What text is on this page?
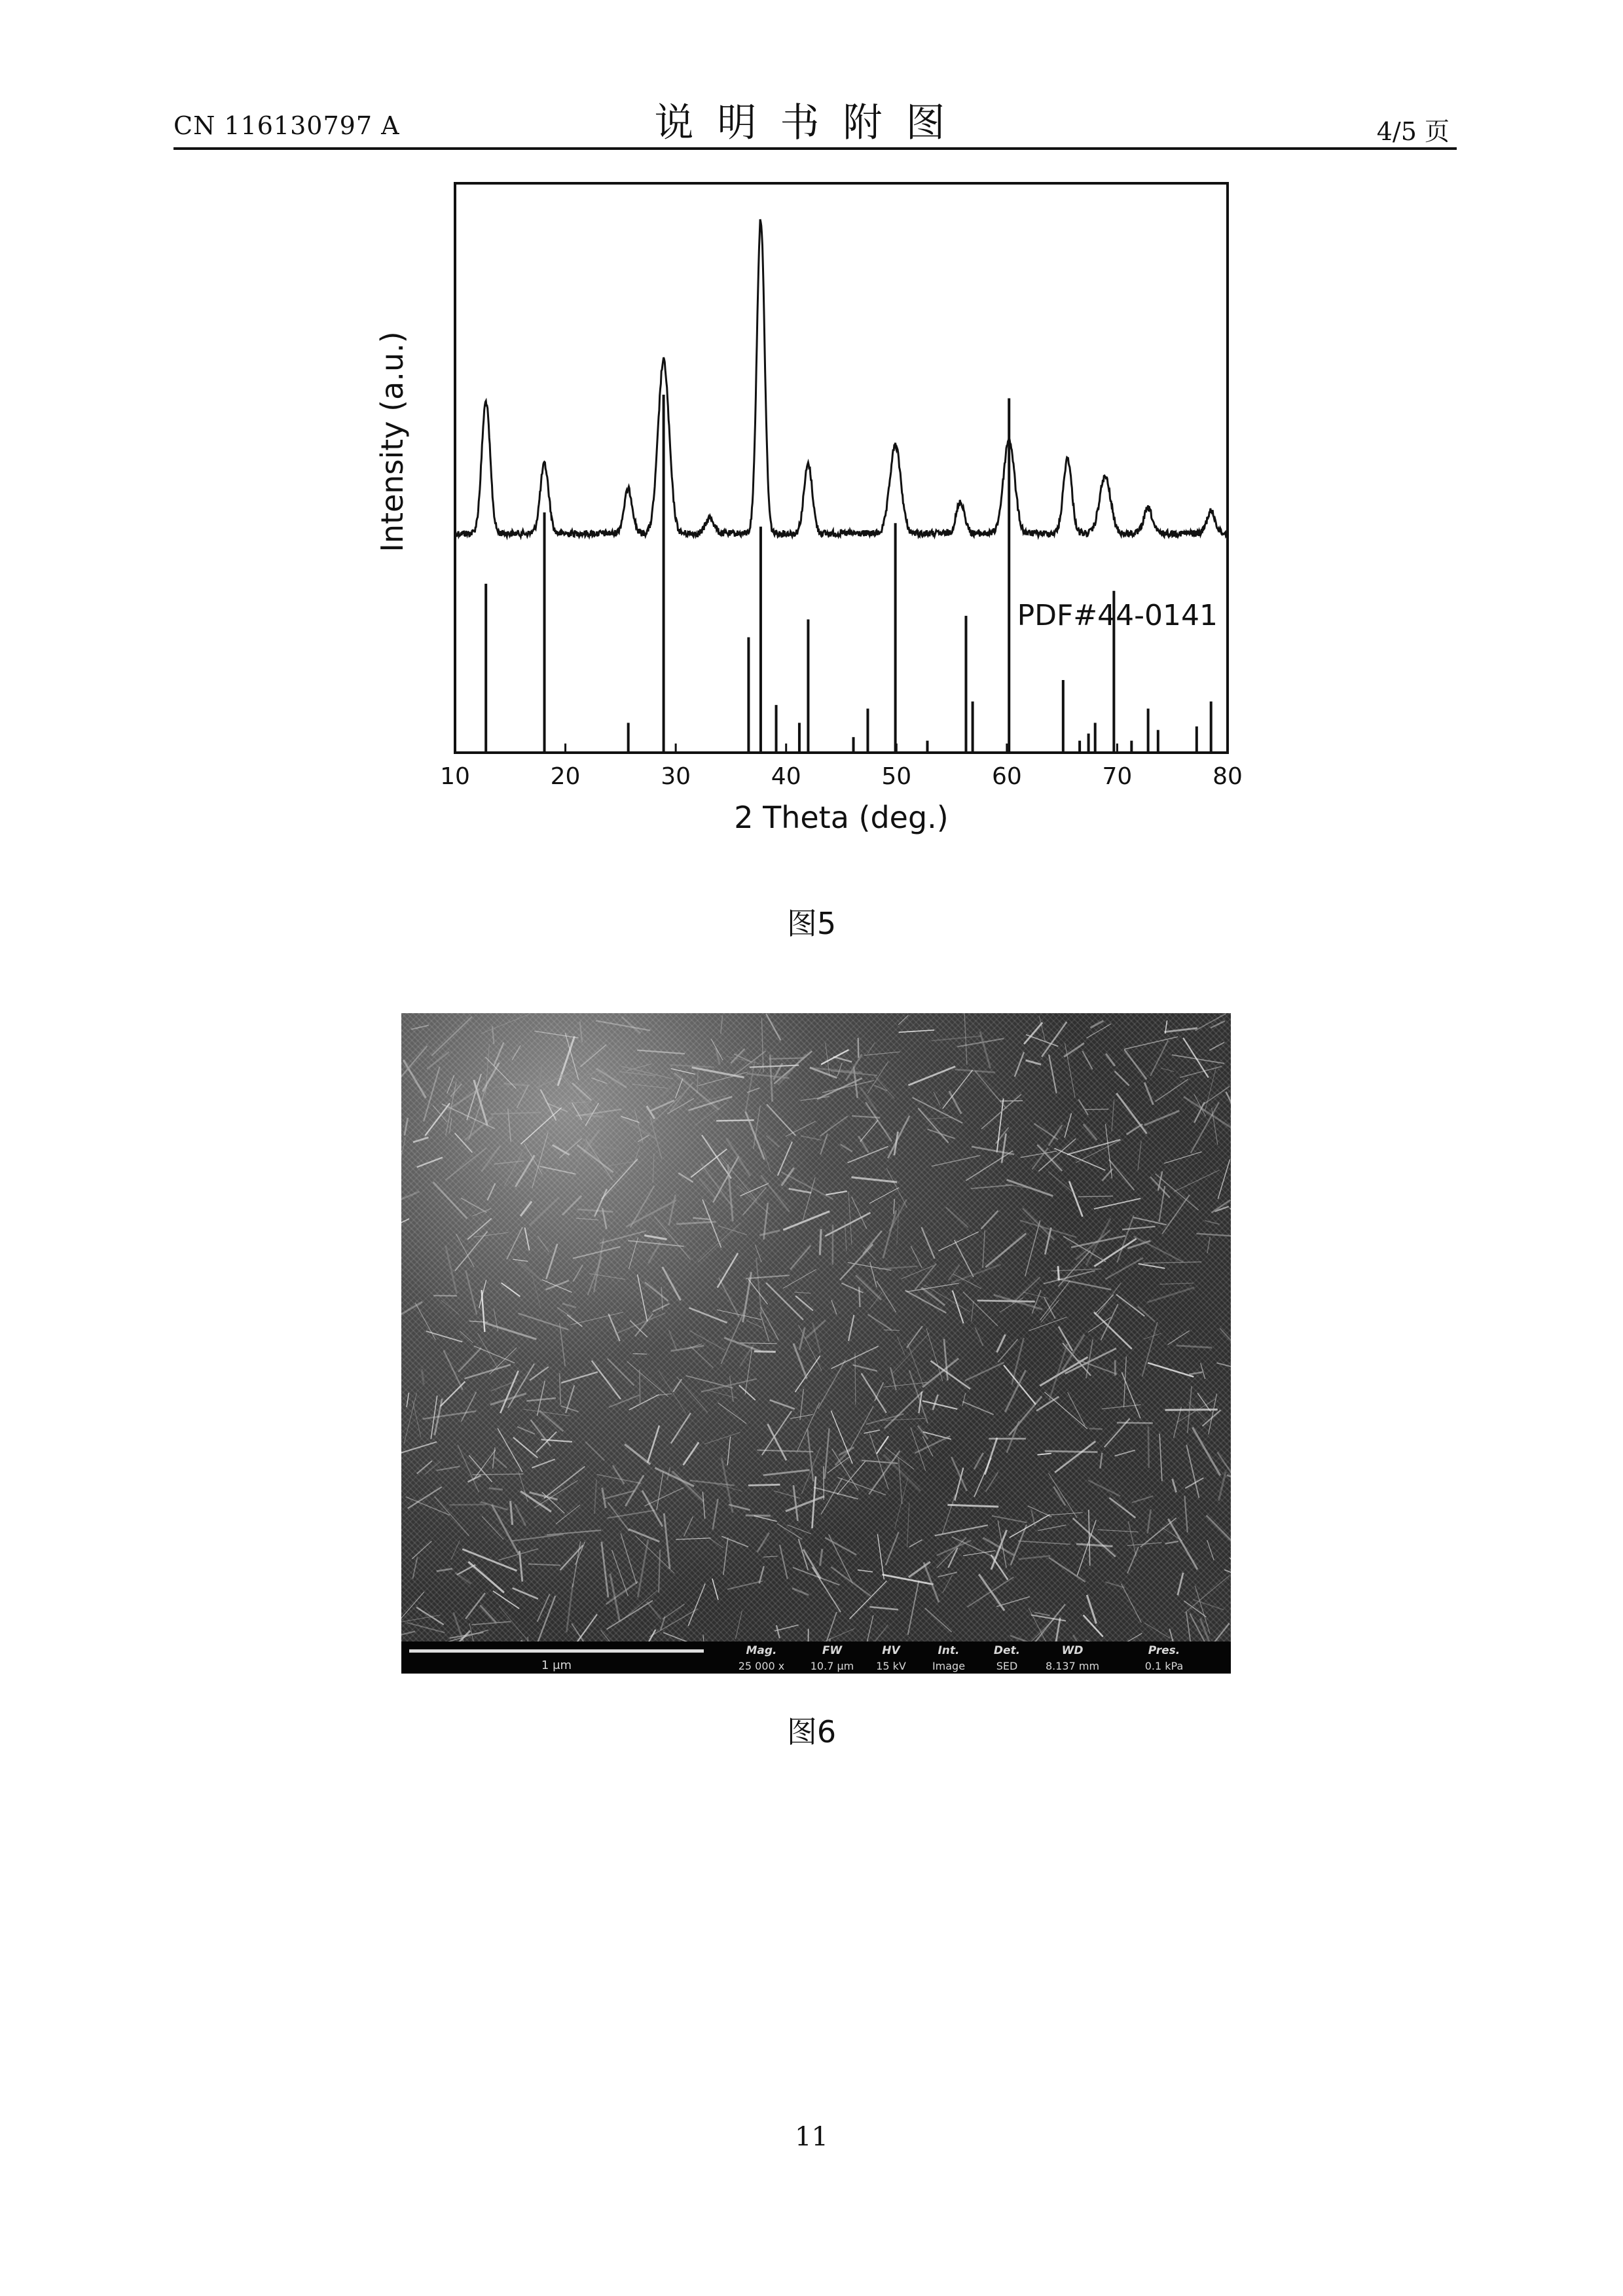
CN 116130797 A	说明书附图	4/5 页
10	20	30	40	50	60	70	80
PDF#44-0141
2 Theta (deg.)
Intensity (a.u.)
图5
1 μm
Mag.
25 000 x
FW
10.7 μm
HV
15 kV
Int.
Image
Det.
SED
WD
8.137 mm
Pres.
0.1 kPa
图6
11
